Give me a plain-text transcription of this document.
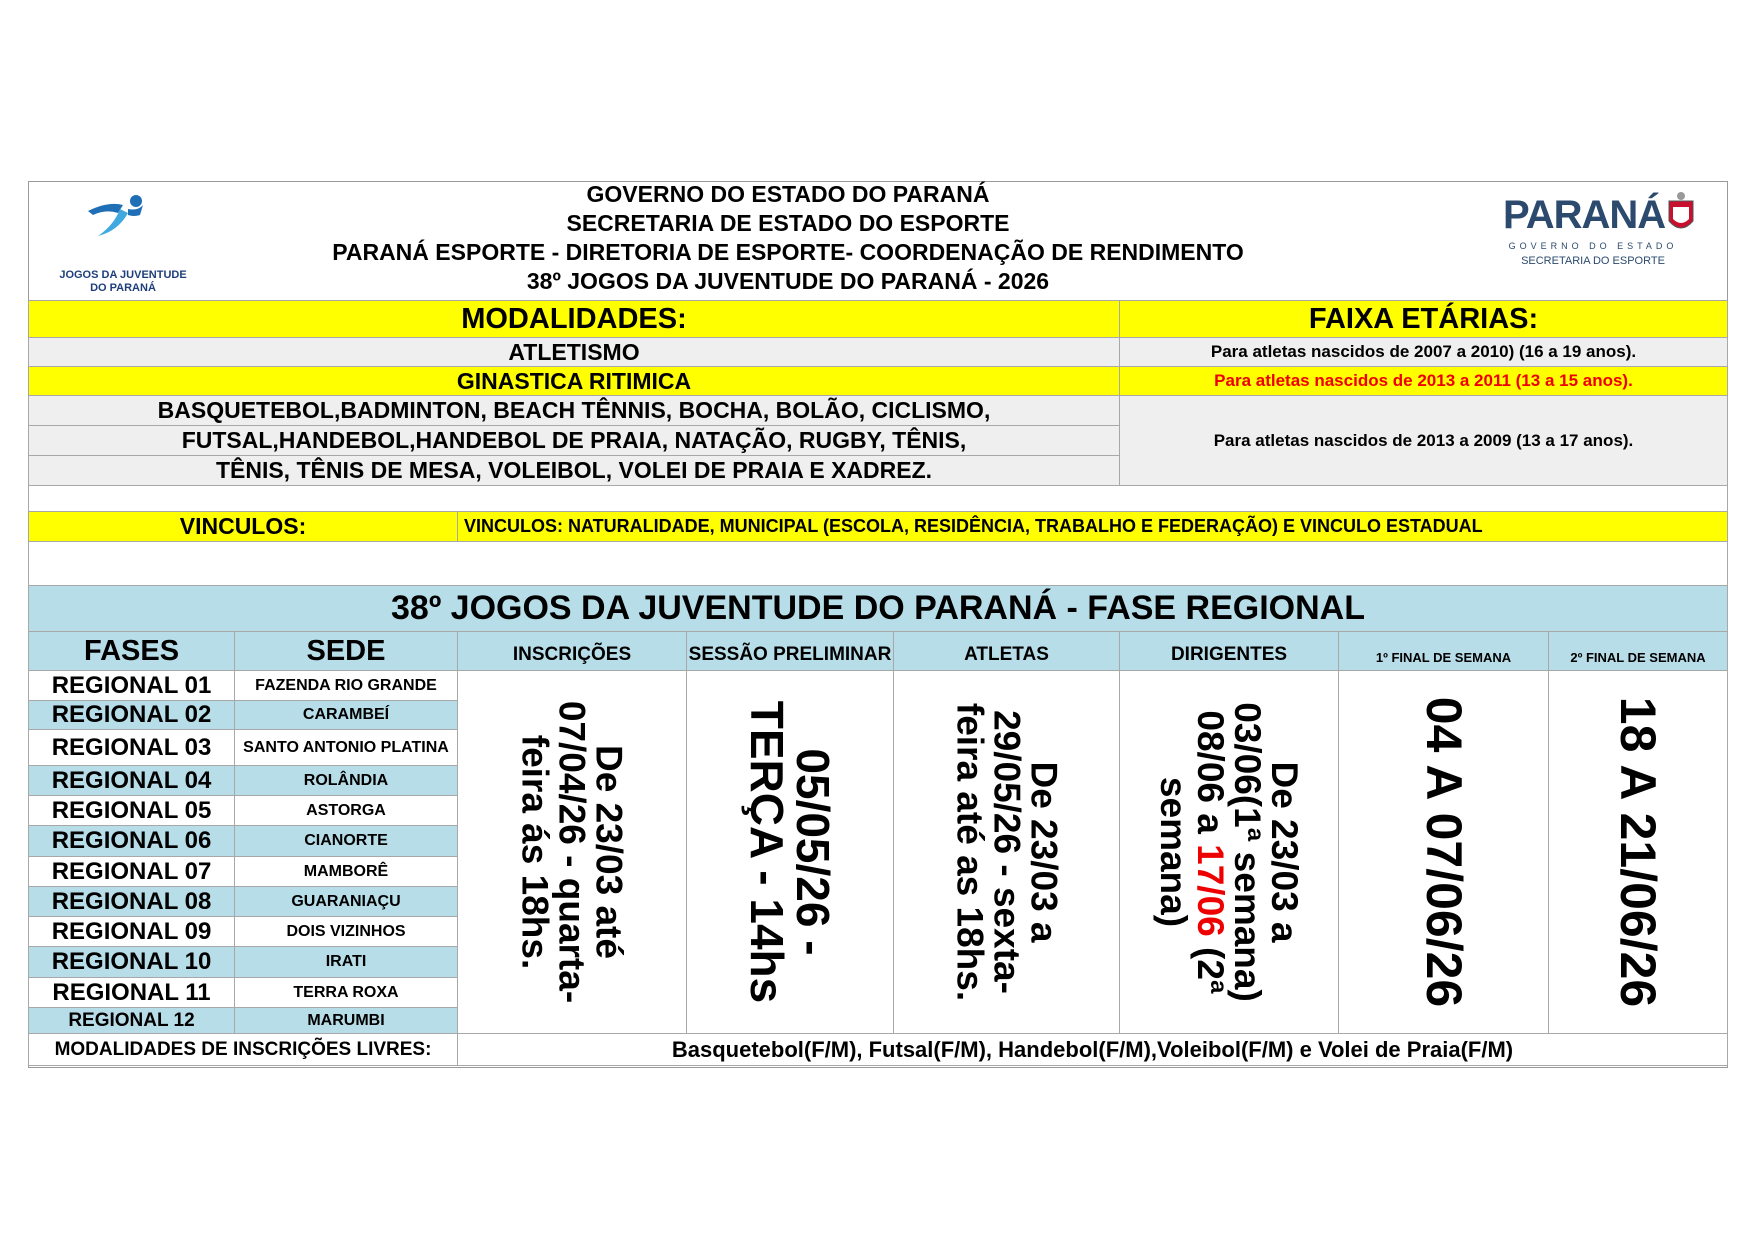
JOGOS DA JUVENTUDE
DO PARANÁ
GOVERNO DO ESTADO DO PARANÁ
SECRETARIA DE ESTADO DO ESPORTE
PARANÁ ESPORTE - DIRETORIA DE ESPORTE- COORDENAÇÃO DE RENDIMENTO
38º JOGOS DA JUVENTUDE DO PARANÁ - 2026
PARANÁ
GOVERNO DO ESTADO
SECRETARIA DO ESPORTE
MODALIDADES:	FAIXA ETÁRIAS:
ATLETISMO	Para atletas nascidos de 2007 a 2010) (16 a 19 anos).
GINASTICA RITIMICA	Para atletas nascidos de 2013 a 2011 (13 a 15 anos).
BASQUETEBOL,BADMINTON, BEACH TÊNNIS, BOCHA, BOLÃO, CICLISMO,
FUTSAL,HANDEBOL,HANDEBOL DE PRAIA, NATAÇÃO, RUGBY, TÊNIS,
TÊNIS, TÊNIS DE MESA, VOLEIBOL, VOLEI DE PRAIA E XADREZ.
Para atletas nascidos de 2013 a 2009 (13 a 17 anos).
VINCULOS:	VINCULOS: NATURALIDADE, MUNICIPAL (ESCOLA, RESIDÊNCIA, TRABALHO E FEDERAÇÃO) E VINCULO ESTADUAL
38º JOGOS DA JUVENTUDE DO PARANÁ - FASE REGIONAL
FASES	SEDE	INSCRIÇÕES	SESSÃO PRELIMINAR	ATLETAS	DIRIGENTES	1º FINAL DE SEMANA	2º FINAL DE SEMANA
REGIONAL 01	FAZENDA RIO GRANDE
REGIONAL 02	CARAMBEÍ
REGIONAL 03	SANTO ANTONIO PLATINA
REGIONAL 04	ROLÂNDIA
REGIONAL 05	ASTORGA
REGIONAL 06	CIANORTE
REGIONAL 07	MAMBORÊ
REGIONAL 08	GUARANIAÇU
REGIONAL 09	DOIS VIZINHOS
REGIONAL 10	IRATI
REGIONAL 11	TERRA ROXA
REGIONAL 12	MARUMBI
De 23/03 até
07/04/26 - quarta-
feira ás 18hs.	05/05/26 -
TERÇA - 14hs	De 23/03 a
29/05/26 - sexta-
feira até as 18hs.	De 23/03 a
03/06(1ª semana)
08/06 a 17/06 (2ª
semana)	04 A 07/06/26	18 A 21/06/26
MODALIDADES DE INSCRIÇÕES LIVRES:	Basquetebol(F/M), Futsal(F/M), Handebol(F/M),Voleibol(F/M) e Volei de Praia(F/M)
